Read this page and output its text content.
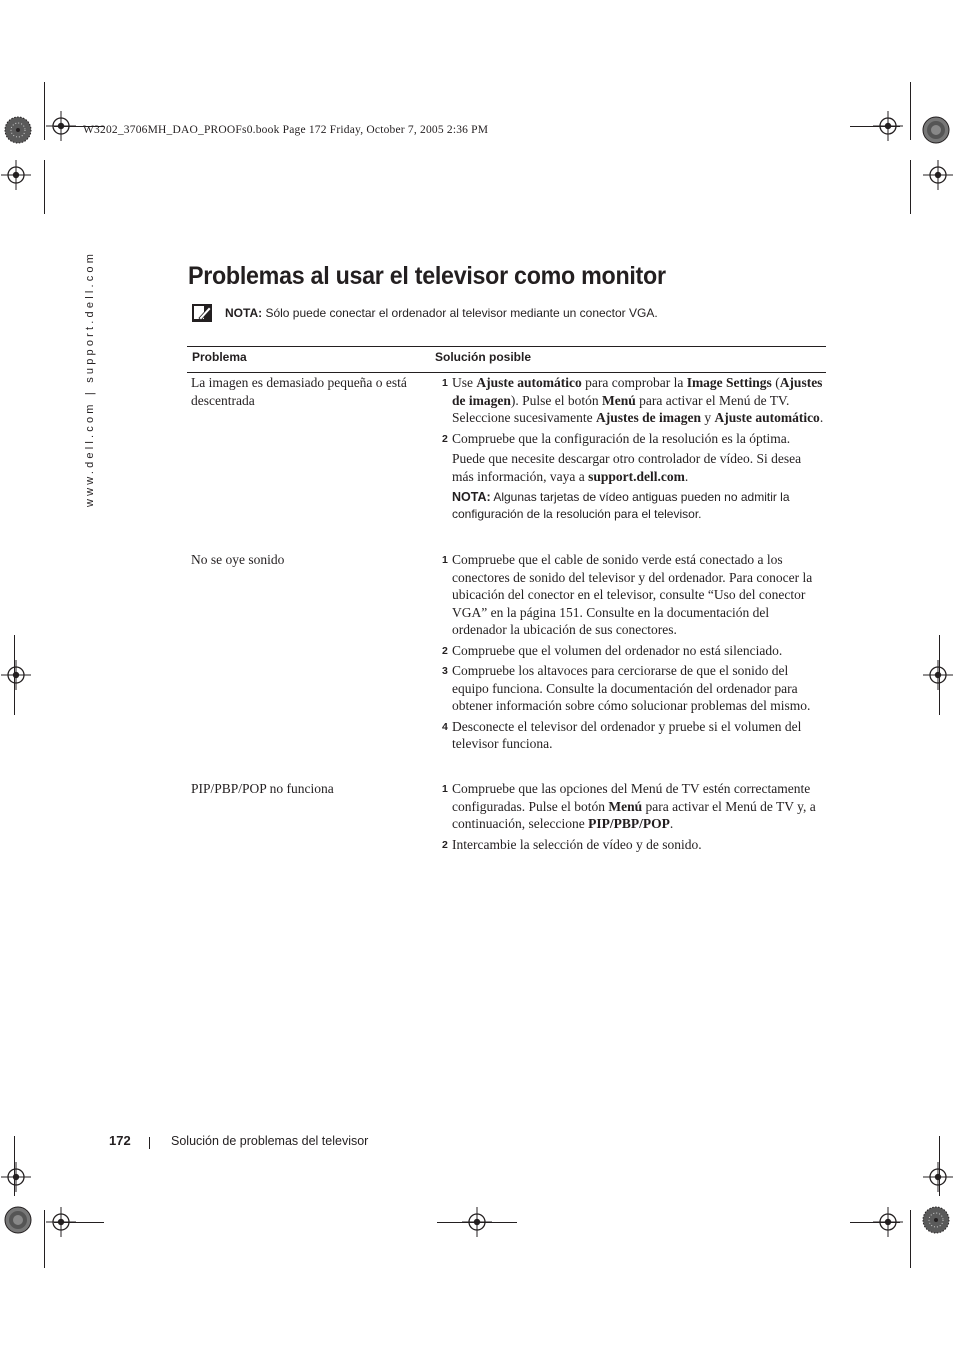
W3202_3706MH_DAO_PROOFs0.book Page 172 Friday, October 7, 2005 2:36 PM
www.dell.com | support.dell.com	Problemas al usar el televisor como monitor
NOTA: Sólo puede conectar el ordenador al televisor mediante un conector VGA.
Problema	Solución posible
La imagen es demasiado pequeña o está descentrada
1 Use Ajuste automático para comprobar la Image Settings (Ajustes de imagen). Pulse el botón Menú para activar el Menú de TV. Seleccione sucesivamente Ajustes de imagen y Ajuste automático.
2 Compruebe que la configuración de la resolución es la óptima.
Puede que necesite descargar otro controlador de vídeo. Si desea más información, vaya a support.dell.com.
NOTA: Algunas tarjetas de vídeo antiguas pueden no admitir la configuración de la resolución para el televisor.
No se oye sonido	1 Compruebe que el cable de sonido verde está conectado a los conectores de sonido del televisor y del ordenador. Para conocer la ubicación del conector en el televisor, consulte “Uso del conector VGA” en la página 151. Consulte en la documentación del ordenador la ubicación de sus conectores.
2 Compruebe que el volumen del ordenador no está silenciado.
3 Compruebe los altavoces para cerciorarse de que el sonido del equipo funciona. Consulte la documentación del ordenador para obtener información sobre cómo solucionar problemas del mismo.
4 Desconecte el televisor del ordenador y pruebe si el volumen del televisor funciona.
PIP/PBP/POP no funciona	1 Compruebe que las opciones del Menú de TV estén correctamente configuradas. Pulse el botón Menú para activar el Menú de TV y, a continuación, seleccione PIP/PBP/POP.
2 Intercambie la selección de vídeo y de sonido.
172	Solución de problemas del televisor
